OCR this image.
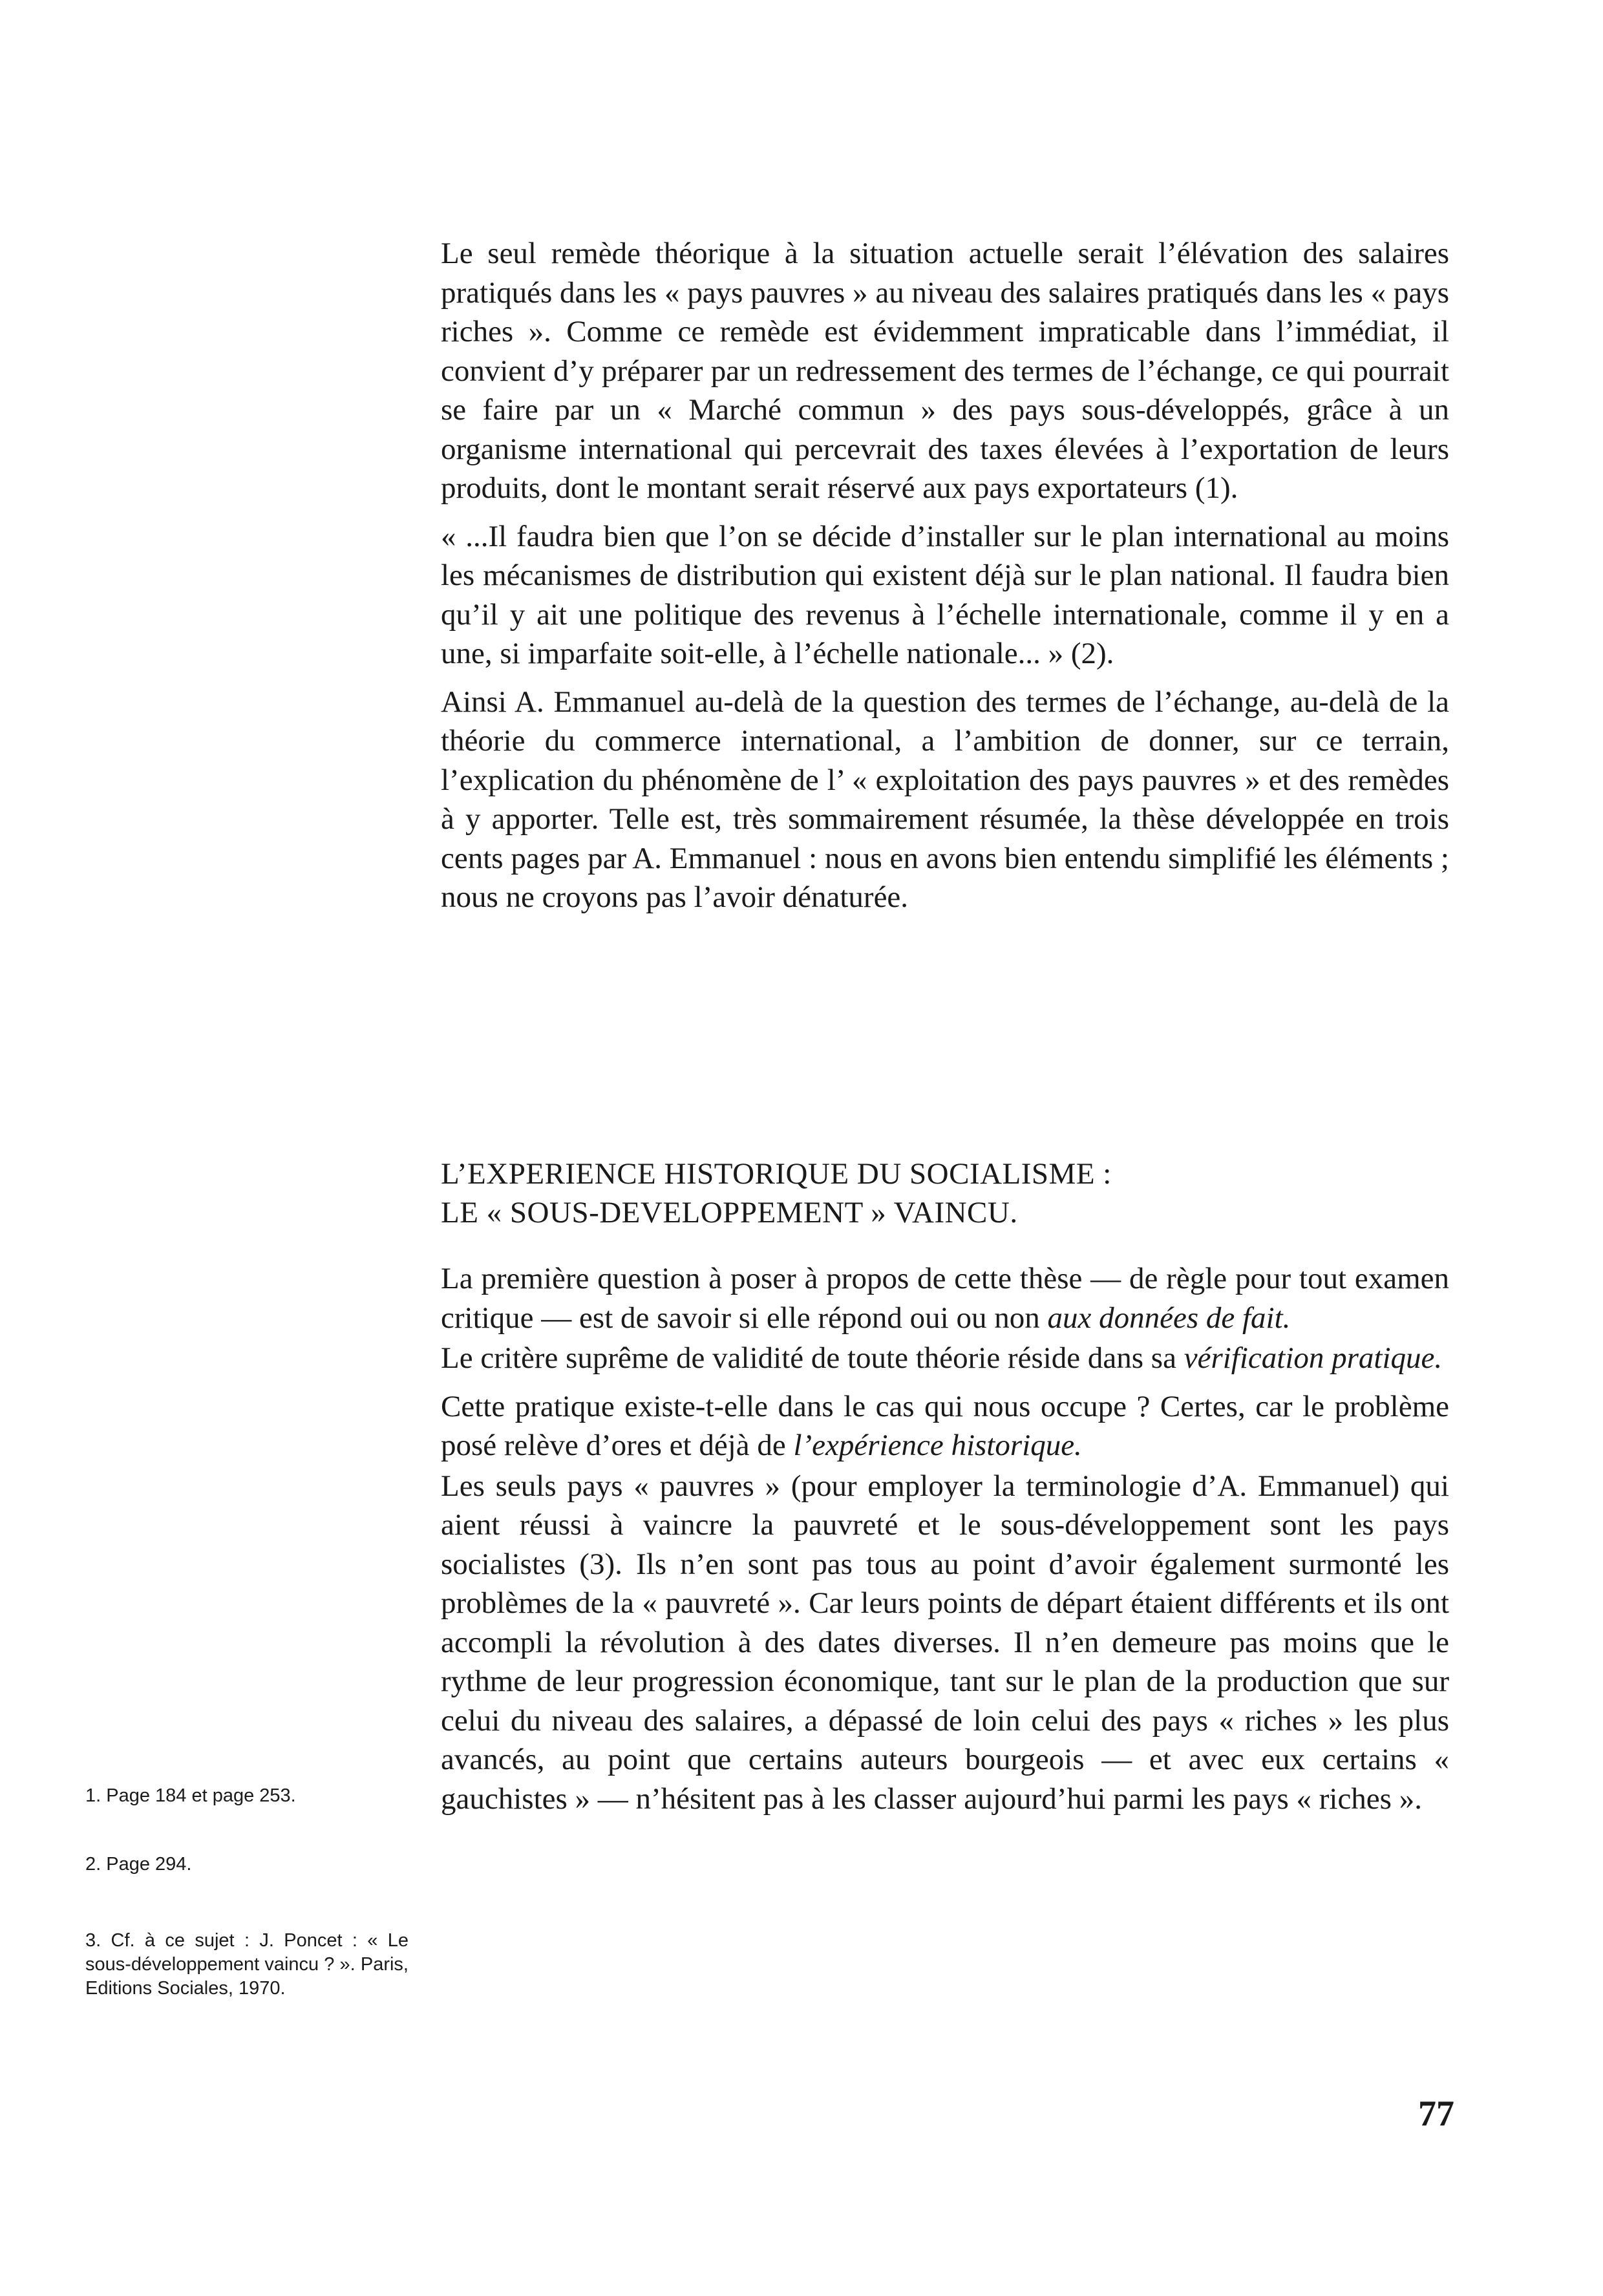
Le seul remède théorique à la situation actuelle serait l’élévation des salaires pratiqués dans les « pays pauvres » au niveau des salaires pratiqués dans les « pays riches ». Comme ce remède est évidemment impraticable dans l’immédiat, il convient d’y préparer par un redressement des termes de l’échange, ce qui pourrait se faire par un « Marché commun » des pays sous-développés, grâce à un organisme international qui percevrait des taxes élevées à l’exportation de leurs produits, dont le montant serait réservé aux pays exportateurs (1).

« ...Il faudra bien que l’on se décide d’installer sur le plan international au moins les mécanismes de distribution qui existent déjà sur le plan national. Il faudra bien qu’il y ait une politique des revenus à l’échelle internationale, comme il y en a une, si imparfaite soit-elle, à l’échelle nationale... » (2).

Ainsi A. Emmanuel au-delà de la question des termes de l’échange, au-delà de la théorie du commerce international, a l’ambition de donner, sur ce terrain, l’explication du phénomène de l’ « exploitation des pays pauvres » et des remèdes à y apporter. Telle est, très sommairement résumée, la thèse développée en trois cents pages par A. Emmanuel : nous en avons bien entendu simplifié les éléments ; nous ne croyons pas l’avoir dénaturée.

L’EXPERIENCE HISTORIQUE DU SOCIALISME :
LE « SOUS-DEVELOPPEMENT » VAINCU.

La première question à poser à propos de cette thèse — de règle pour tout examen critique — est de savoir si elle répond oui ou non aux données de fait.

Le critère suprême de validité de toute théorie réside dans sa vérification pratique.

Cette pratique existe-t-elle dans le cas qui nous occupe ? Certes, car le problème posé relève d’ores et déjà de l’expérience historique.

Les seuls pays « pauvres » (pour employer la terminologie d’A. Emmanuel) qui aient réussi à vaincre la pauvreté et le sous-développement sont les pays socialistes (3). Ils n’en sont pas tous au point d’avoir également surmonté les problèmes de la « pauvreté ». Car leurs points de départ étaient différents et ils ont accompli la révolution à des dates diverses. Il n’en demeure pas moins que le rythme de leur progression économique, tant sur le plan de la production que sur celui du niveau des salaires, a dépassé de loin celui des pays « riches » les plus avancés, au point que certains auteurs bourgeois — et avec eux certains « gauchistes » — n’hésitent pas à les classer aujourd’hui parmi les pays « riches ».

1. Page 184 et page 253.
2. Page 294.
3. Cf. à ce sujet : J. Poncet : « Le sous-développement vaincu ? ». Paris, Editions Sociales, 1970.
77
